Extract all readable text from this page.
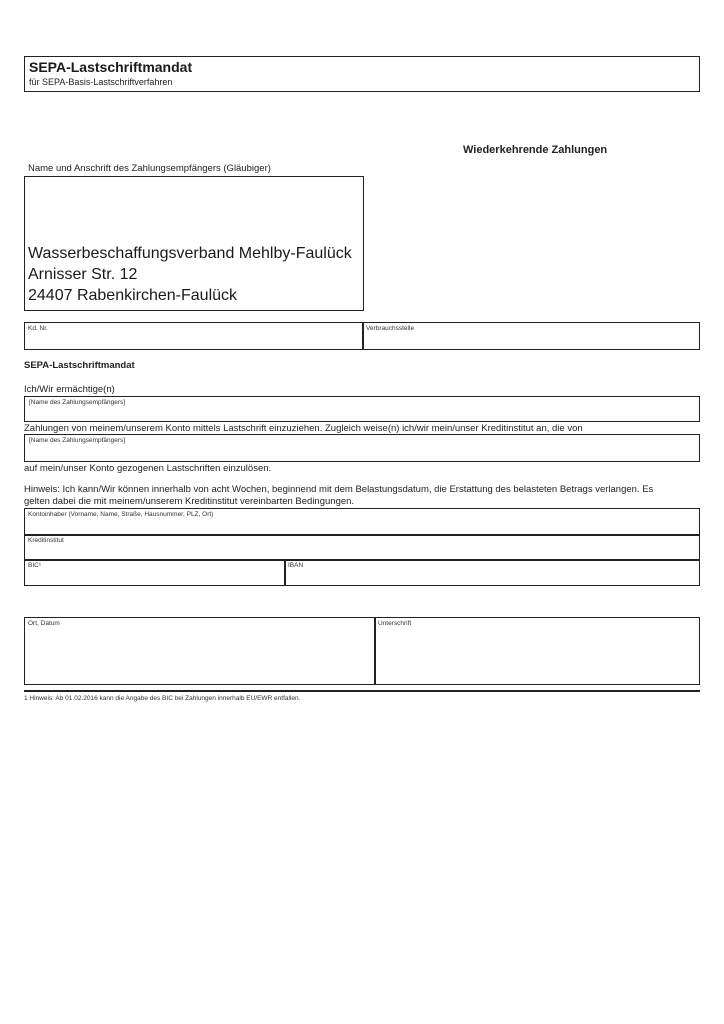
SEPA-Lastschriftmandat
für SEPA-Basis-Lastschriftverfahren
Wiederkehrende Zahlungen
Name und Anschrift des Zahlungsempfängers (Gläubiger)
Wasserbeschaffungsverband Mehlby-Faulück
Arnisser Str. 12
24407 Rabenkirchen-Faulück
Kd. Nr.	Verbrauchsstelle
SEPA-Lastschriftmandat
Ich/Wir ermächtige(n)
[Name des Zahlungsempfängers]
Zahlungen von meinem/unserem Konto mittels Lastschrift einzuziehen. Zugleich weise(n) ich/wir mein/unser Kreditinstitut an, die von
[Name des Zahlungsempfängers]
auf mein/unser Konto gezogenen Lastschriften einzulösen.
Hinweis: Ich kann/Wir können innerhalb von acht Wochen, beginnend mit dem Belastungsdatum, die Erstattung des belasteten Betrags verlangen. Es
gelten dabei die mit meinem/unserem Kreditinstitut vereinbarten Bedingungen.
Kontoinhaber (Vorname, Name, Straße, Hausnummer, PLZ, Ort)
Kreditinstitut
BIC¹	IBAN
Ort, Datum	Unterschrift
1 Hinweis: Ab 01.02.2016 kann die Angabe des BIC bei Zahlungen innerhalb EU/EWR entfallen.
